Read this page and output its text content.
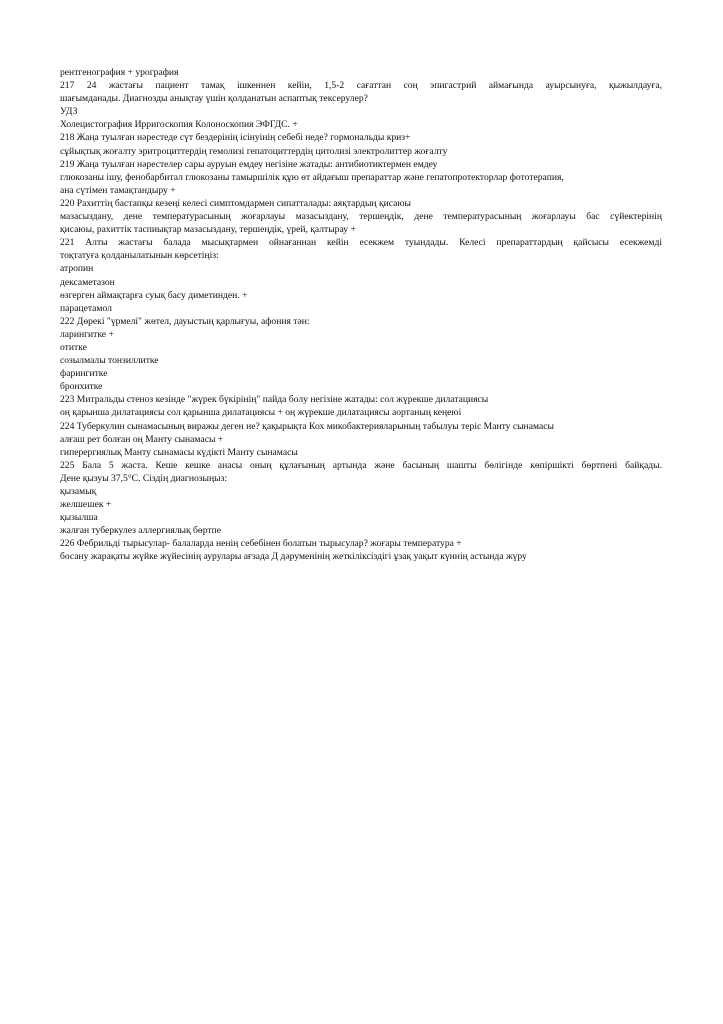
рентгенография + урография
217 24 жастағы пациент тамақ ішкеннен кейін, 1,5-2 сағаттан соң эпигастрий аймағында ауырсынуға, қыжылдауға,
шағымданады. Диагнозды анықтау үшін қолданатын аспаптық тексерулер?
УДЗ
Холецистография Ирригоскопия Колоноскопия ЭФГДС. +
218 Жаңа туылған нәрестеде сүт бездерінің ісінуінің себебі неде? гормональды криз+
сұйықтық жоғалту эритроциттердің гемолизі гепатоциттердің цитолизі электролиттер жоғалту
219 Жаңа туылған нәрестелер сары ауруын емдеу негізіне жатады: антибиотиктермен емдеу
глюкозаны ішу, фенобарбитал глюкозаны тамыршілік құю өт айдағыш препараттар және гепатопротекторлар фототерапия,
ана сүтімен тамақтандыру +
220 Рахиттің бастапқы кезеңі келесі симптомдармен сипатталады: аяқтардың қисаюы
мазасыздану, дене температурасының жоғарлауы мазасыздану, тершеңдік, дене температурасының жоғарлауы бас сүйектерінің
қисаюы, рахиттік таспиықтар мазасыздану, тершеңдік, үрей, қалтырау +
221 Алты жастағы балада мысықтармен ойнағаннан кейін есекжем туындады. Келесі препараттардың қайсысы есекжемді
тоқтатуға қолданылатынын көрсетіңіз:
атропин
дексаметазон
өзгерген аймақтарға суық басу диметинден. +
парацетамол
222 Дөрекі "үрмелі" жөтел, дауыстың қарлығуы, афония тән:
ларингитке +
отитке
созылмалы тонзиллитке
фарингитке
бронхитке
223 Митральды стеноз кезінде "жүрек бүкірінің" пайда болу негізіне жатады: сол жүрекше дилатациясы
оң қарыншa дилатациясы сол қарынша дилатациясы + оң жүрекше дилатациясы аортаның кеңеюі
224 Туберкулин сынамасының виражы деген не? қақырықта Кох микобактерияларының табылуы теріс Манту сынамасы
алғаш рет болған оң Манту сынамасы +
гиперергиялық Манту сынамасы күдікті Манту сынамасы
225 Бала 5 жаста. Кеше кешке анасы оның құлағының артында және басының шашты бөлігінде көпіршікті бөртпені байқады.
Дене қызуы 37,5°С. Сіздің диагнозыңыз:
қызамық
желшешек +
қызылша
жалған туберкулез аллергиялық бөртпе
226 Фебрильді тырысулар- балаларда ненің себебінен болатын тырысулар? жоғары температура +
босану жарақаты жүйке жүйесінің аурулары ағзада Д дәруменінің жеткіліксіздігі ұзақ уақыт күннің астында жүру
